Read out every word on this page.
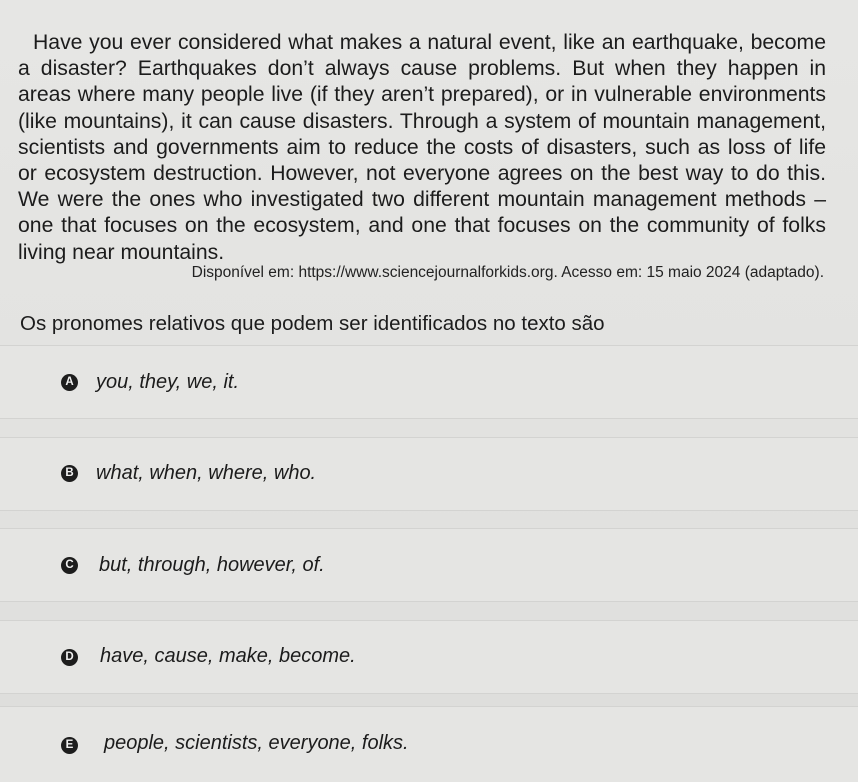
Have you ever considered what makes a natural event, like an earthquake, become
a disaster? Earthquakes don’t always cause problems. But when they happen in
areas where many people live (if they aren’t prepared), or in vulnerable environments
(like mountains), it can cause disasters. Through a system of mountain management,
scientists and governments aim to reduce the costs of disasters, such as loss of life
or ecosystem destruction. However, not everyone agrees on the best way to do this.
We were the ones who investigated two different mountain management methods –
one that focuses on the ecosystem, and one that focuses on the community of folks
living near mountains.

Disponível em: https://www.sciencejournalforkids.org. Acesso em: 15 maio 2024 (adaptado).
Os pronomes relativos que podem ser identificados no texto são
A you, they, we, it.
B what, when, where, who.
C but, through, however, of.
D have, cause, make, become.
E people, scientists, everyone, folks.
